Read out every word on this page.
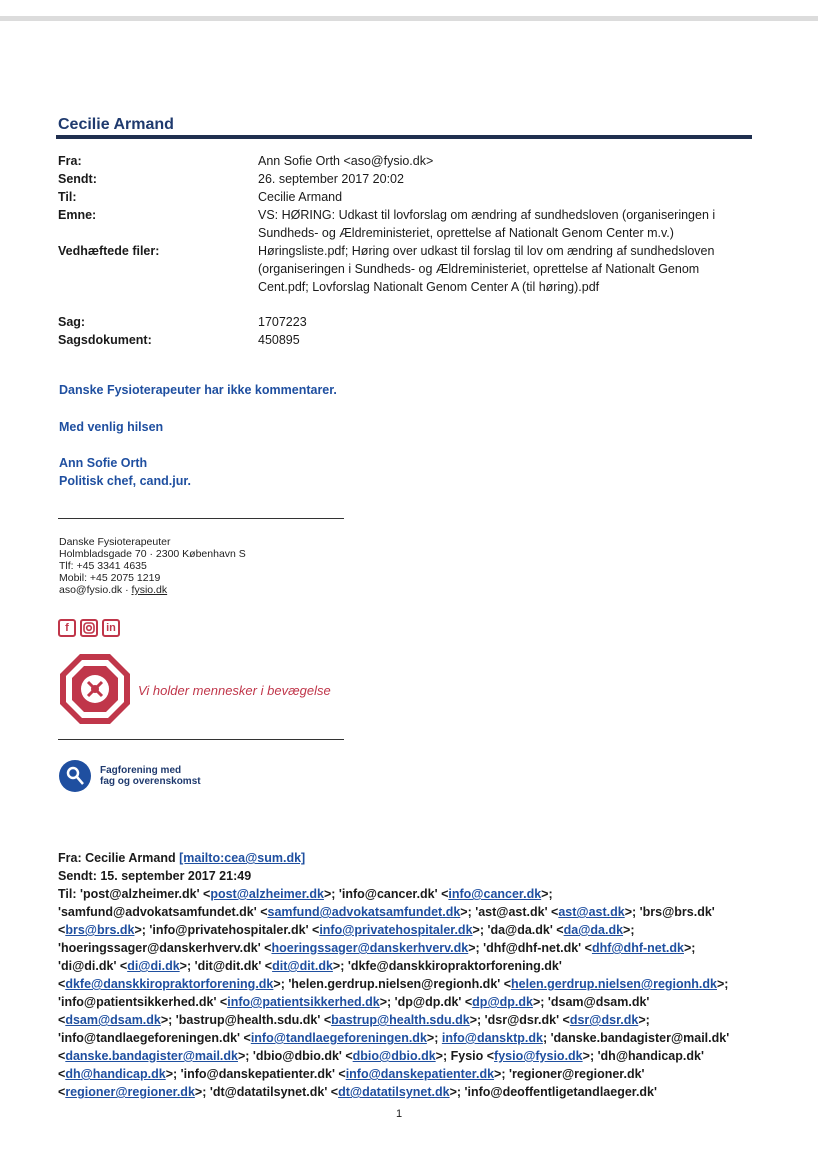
Cecilie Armand
Fra:	Ann Sofie Orth <aso@fysio.dk>
Sendt:	26. september 2017 20:02
Til:	Cecilie Armand
Emne:	VS: HØRING: Udkast til lovforslag om ændring af sundhedsloven (organiseringen i
Sundheds- og Ældreministeriet, oprettelse af Nationalt Genom Center m.v.)
Vedhæftede filer:	Høringsliste.pdf; Høring over udkast til forslag til lov om ændring af sundhedsloven
(organiseringen i Sundheds- og Ældreministeriet, oprettelse af Nationalt Genom
Cent.pdf; Lovforslag Nationalt Genom Center A (til høring).pdf
Sag:	1707223
Sagsdokument:	450895
Danske Fysioterapeuter har ikke kommentarer.
Med venlig hilsen
Ann Sofie Orth
Politisk chef, cand.jur.
Danske Fysioterapeuter
Holmbladsgade 70 · 2300 København S
Tlf: +45 3341 4635
Mobil: +45 2075 1219
aso@fysio.dk · fysio.dk
f	in
Vi holder mennesker i bevægelse
Fagforening med
fag og overenskomst
Fra: Cecilie Armand [mailto:cea@sum.dk]
Sendt: 15. september 2017 21:49
Til: 'post@alzheimer.dk' <post@alzheimer.dk>; 'info@cancer.dk' <info@cancer.dk>;
'samfund@advokatsamfundet.dk' <samfund@advokatsamfundet.dk>; 'ast@ast.dk' <ast@ast.dk>; 'brs@brs.dk'
<brs@brs.dk>; 'info@privatehospitaler.dk' <info@privatehospitaler.dk>; 'da@da.dk' <da@da.dk>;
'hoeringssager@danskerhverv.dk' <hoeringssager@danskerhverv.dk>; 'dhf@dhf-net.dk' <dhf@dhf-net.dk>;
'di@di.dk' <di@di.dk>; 'dit@dit.dk' <dit@dit.dk>; 'dkfe@danskkiropraktorforening.dk'
<dkfe@danskkiropraktorforening.dk>; 'helen.gerdrup.nielsen@regionh.dk' <helen.gerdrup.nielsen@regionh.dk>;
'info@patientsikkerhed.dk' <info@patientsikkerhed.dk>; 'dp@dp.dk' <dp@dp.dk>; 'dsam@dsam.dk'
<dsam@dsam.dk>; 'bastrup@health.sdu.dk' <bastrup@health.sdu.dk>; 'dsr@dsr.dk' <dsr@dsr.dk>;
'info@tandlaegeforeningen.dk' <info@tandlaegeforeningen.dk>; info@dansktp.dk; 'danske.bandagister@mail.dk'
<danske.bandagister@mail.dk>; 'dbio@dbio.dk' <dbio@dbio.dk>; Fysio <fysio@fysio.dk>; 'dh@handicap.dk'
<dh@handicap.dk>; 'info@danskepatienter.dk' <info@danskepatienter.dk>; 'regioner@regioner.dk'
<regioner@regioner.dk>; 'dt@datatilsynet.dk' <dt@datatilsynet.dk>; 'info@deoffentligetandlaeger.dk'
1
